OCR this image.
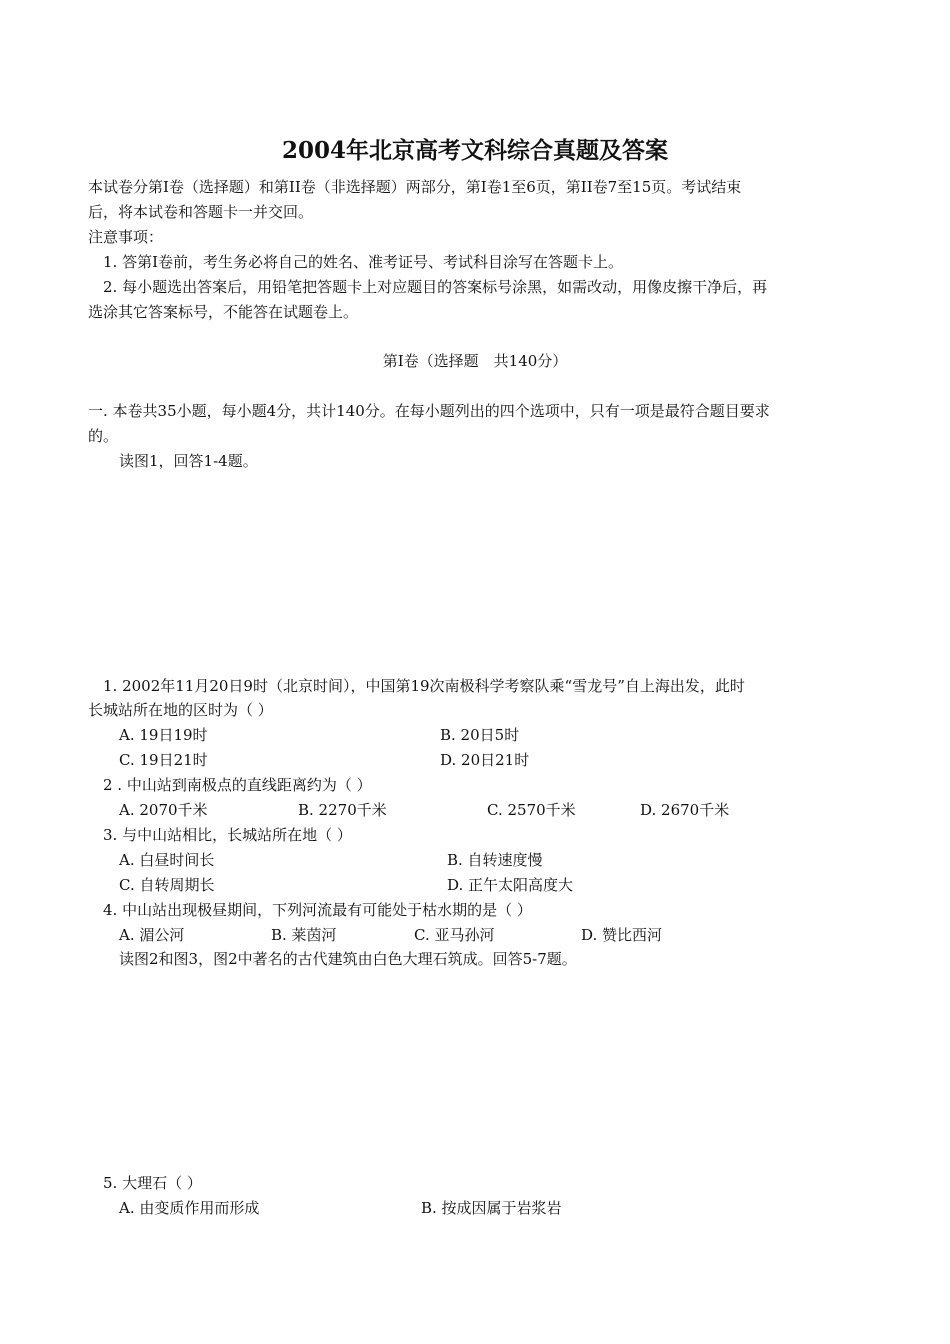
2004年北京高考文科综合真题及答案
本试卷分第Ⅰ卷（选择题）和第II卷（非选择题）两部分，第Ⅰ卷1至6页，第II卷7至15页。考试结束
后，将本试卷和答题卡一并交回。
注意事项：
1. 答第Ⅰ卷前，考生务必将自己的姓名、准考证号、考试科目涂写在答题卡上。
2. 每小题选出答案后，用铅笔把答题卡上对应题目的答案标号涂黑，如需改动，用像皮擦干净后，再
选涂其它答案标号，不能答在试题卷上。
第Ⅰ卷（选择题　共140分）
一. 本卷共35小题，每小题4分，共计140分。在每小题列出的四个选项中，只有一项是最符合题目要求
的。
读图1，回答1-4题。
1. 2002年11月20日9时（北京时间），中国第19次南极科学考察队乘“雪龙号”自上海出发，此时
长城站所在地的区时为（ ）
A. 19日19时	B. 20日5时
C. 19日21时	D. 20日21时
2 . 中山站到南极点的直线距离约为（ ）
A. 2070千米	B. 2270千米	C. 2570千米	D. 2670千米
3. 与中山站相比，长城站所在地（ ）
A. 白昼时间长	B. 自转速度慢
C. 自转周期长	D. 正午太阳高度大
4. 中山站出现极昼期间，下列河流最有可能处于枯水期的是（ ）
A. 湄公河	B. 莱茵河	C. 亚马孙河	D. 赞比西河
读图2和图3，图2中著名的古代建筑由白色大理石筑成。回答5-7题。
5. 大理石（ ）
A. 由变质作用而形成	B. 按成因属于岩浆岩
